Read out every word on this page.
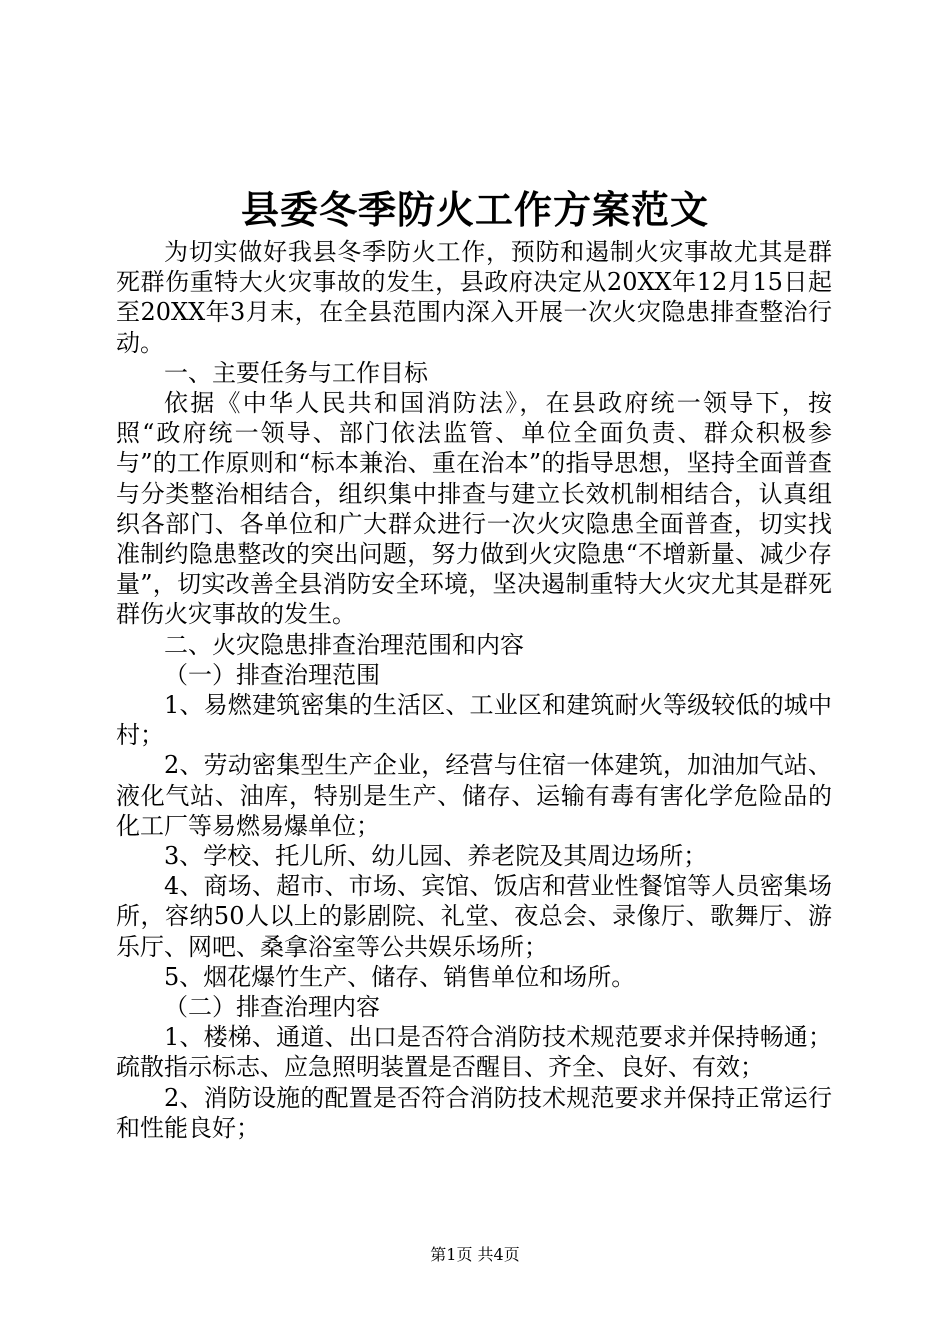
县委冬季防火工作方案范文

为切实做好我县冬季防火工作，预防和遏制火灾事故尤其是群死群伤重特大火灾事故的发生，县政府决定从20XX年12月15日起至20XX年3月末，在全县范围内深入开展一次火灾隐患排查整治行动。

一、主要任务与工作目标

依据《中华人民共和国消防法》，在县政府统一领导下，按照“政府统一领导、部门依法监管、单位全面负责、群众积极参与”的工作原则和“标本兼治、重在治本”的指导思想，坚持全面普查与分类整治相结合，组织集中排查与建立长效机制相结合，认真组织各部门、各单位和广大群众进行一次火灾隐患全面普查，切实找准制约隐患整改的突出问题，努力做到火灾隐患“不增新量、减少存量”，切实改善全县消防安全环境，坚决遏制重特大火灾尤其是群死群伤火灾事故的发生。

二、火灾隐患排查治理范围和内容

（一）排查治理范围

1、易燃建筑密集的生活区、工业区和建筑耐火等级较低的城中村；

2、劳动密集型生产企业，经营与住宿一体建筑，加油加气站、液化气站、油库，特别是生产、储存、运输有毒有害化学危险品的化工厂等易燃易爆单位；

3、学校、托儿所、幼儿园、养老院及其周边场所；

4、商场、超市、市场、宾馆、饭店和营业性餐馆等人员密集场所，容纳50人以上的影剧院、礼堂、夜总会、录像厅、歌舞厅、游乐厅、网吧、桑拿浴室等公共娱乐场所；

5、烟花爆竹生产、储存、销售单位和场所。

（二）排查治理内容

1、楼梯、通道、出口是否符合消防技术规范要求并保持畅通；疏散指示标志、应急照明装置是否醒目、齐全、良好、有效；

2、消防设施的配置是否符合消防技术规范要求并保持正常运行和性能良好；

第1页 共4页
